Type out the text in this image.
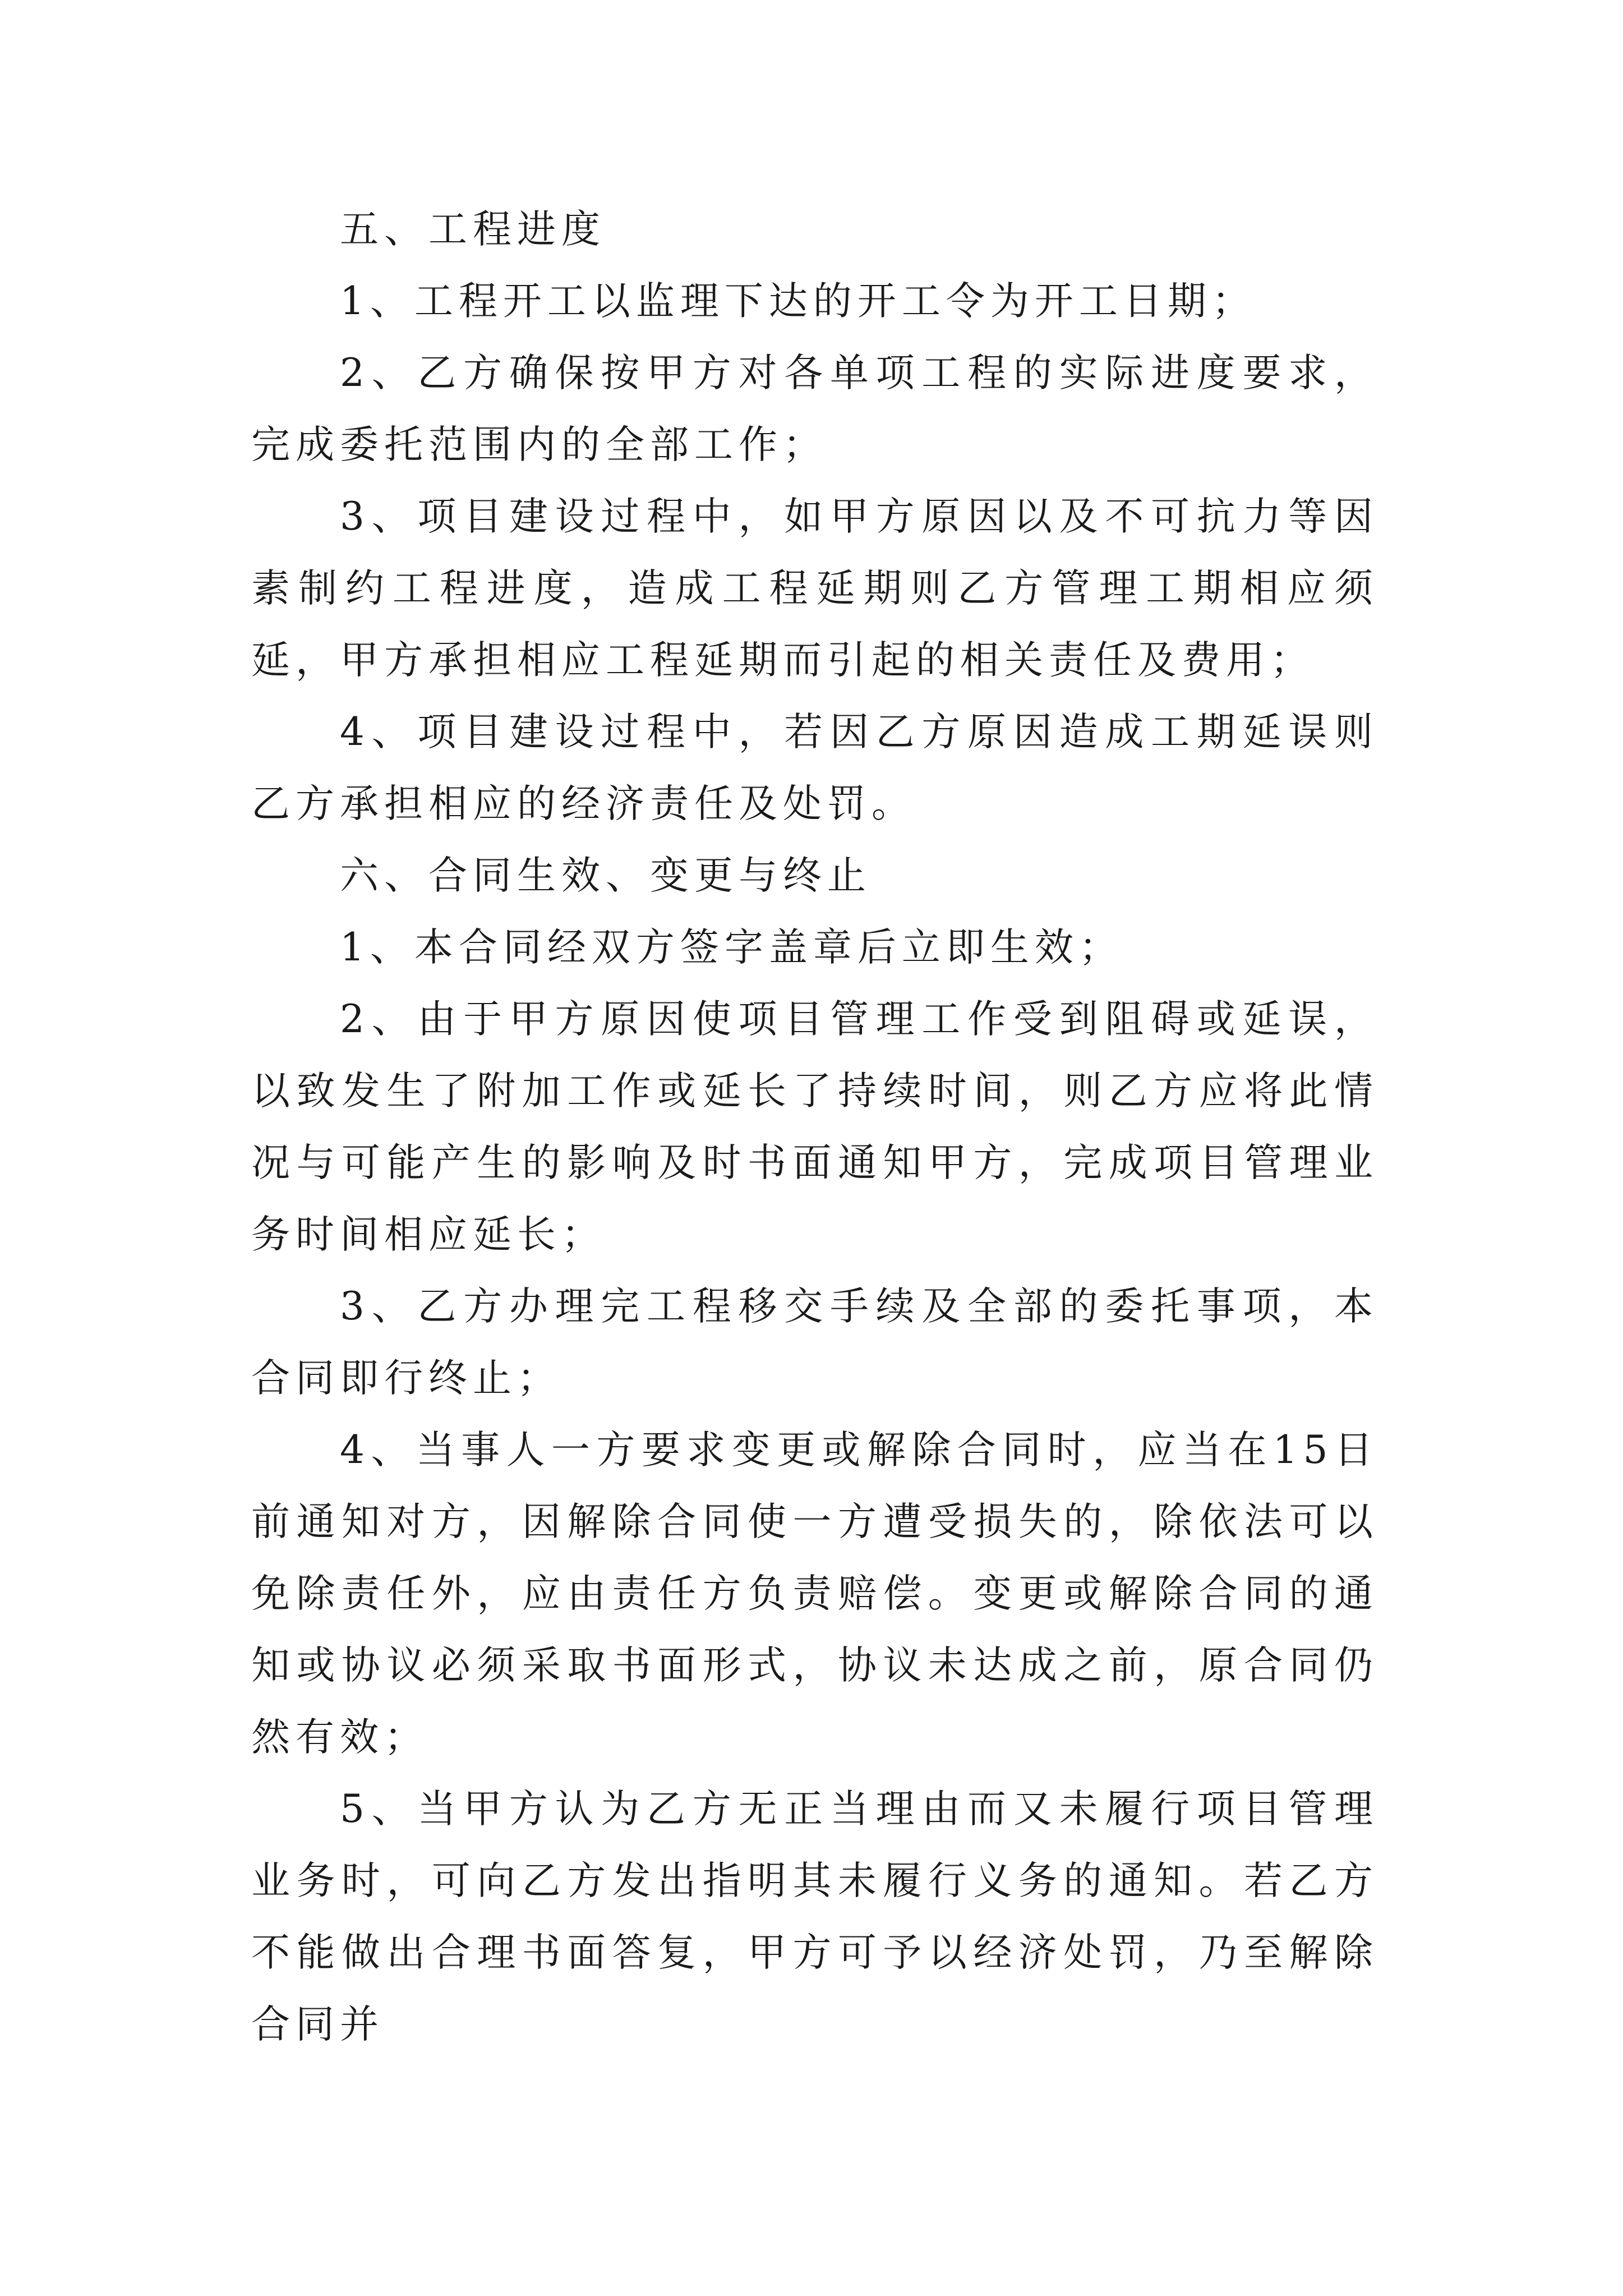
五、工程进度

1、工程开工以监理下达的开工令为开工日期；

2、乙方确保按甲方对各单项工程的实际进度要求，完成委托范围内的全部工作；

3、项目建设过程中，如甲方原因以及不可抗力等因素制约工程进度，造成工程延期则乙方管理工期相应须延，甲方承担相应工程延期而引起的相关责任及费用；

4、项目建设过程中，若因乙方原因造成工期延误则乙方承担相应的经济责任及处罚。

六、合同生效、变更与终止

1、本合同经双方签字盖章后立即生效；

2、由于甲方原因使项目管理工作受到阻碍或延误，以致发生了附加工作或延长了持续时间，则乙方应将此情况与可能产生的影响及时书面通知甲方，完成项目管理业务时间相应延长；

3、乙方办理完工程移交手续及全部的委托事项，本合同即行终止；

4、当事人一方要求变更或解除合同时，应当在15日前通知对方，因解除合同使一方遭受损失的，除依法可以免除责任外，应由责任方负责赔偿。变更或解除合同的通知或协议必须采取书面形式，协议未达成之前，原合同仍然有效；

5、当甲方认为乙方无正当理由而又未履行项目管理业务时，可向乙方发出指明其未履行义务的通知。若乙方不能做出合理书面答复，甲方可予以经济处罚，乃至解除合同并
